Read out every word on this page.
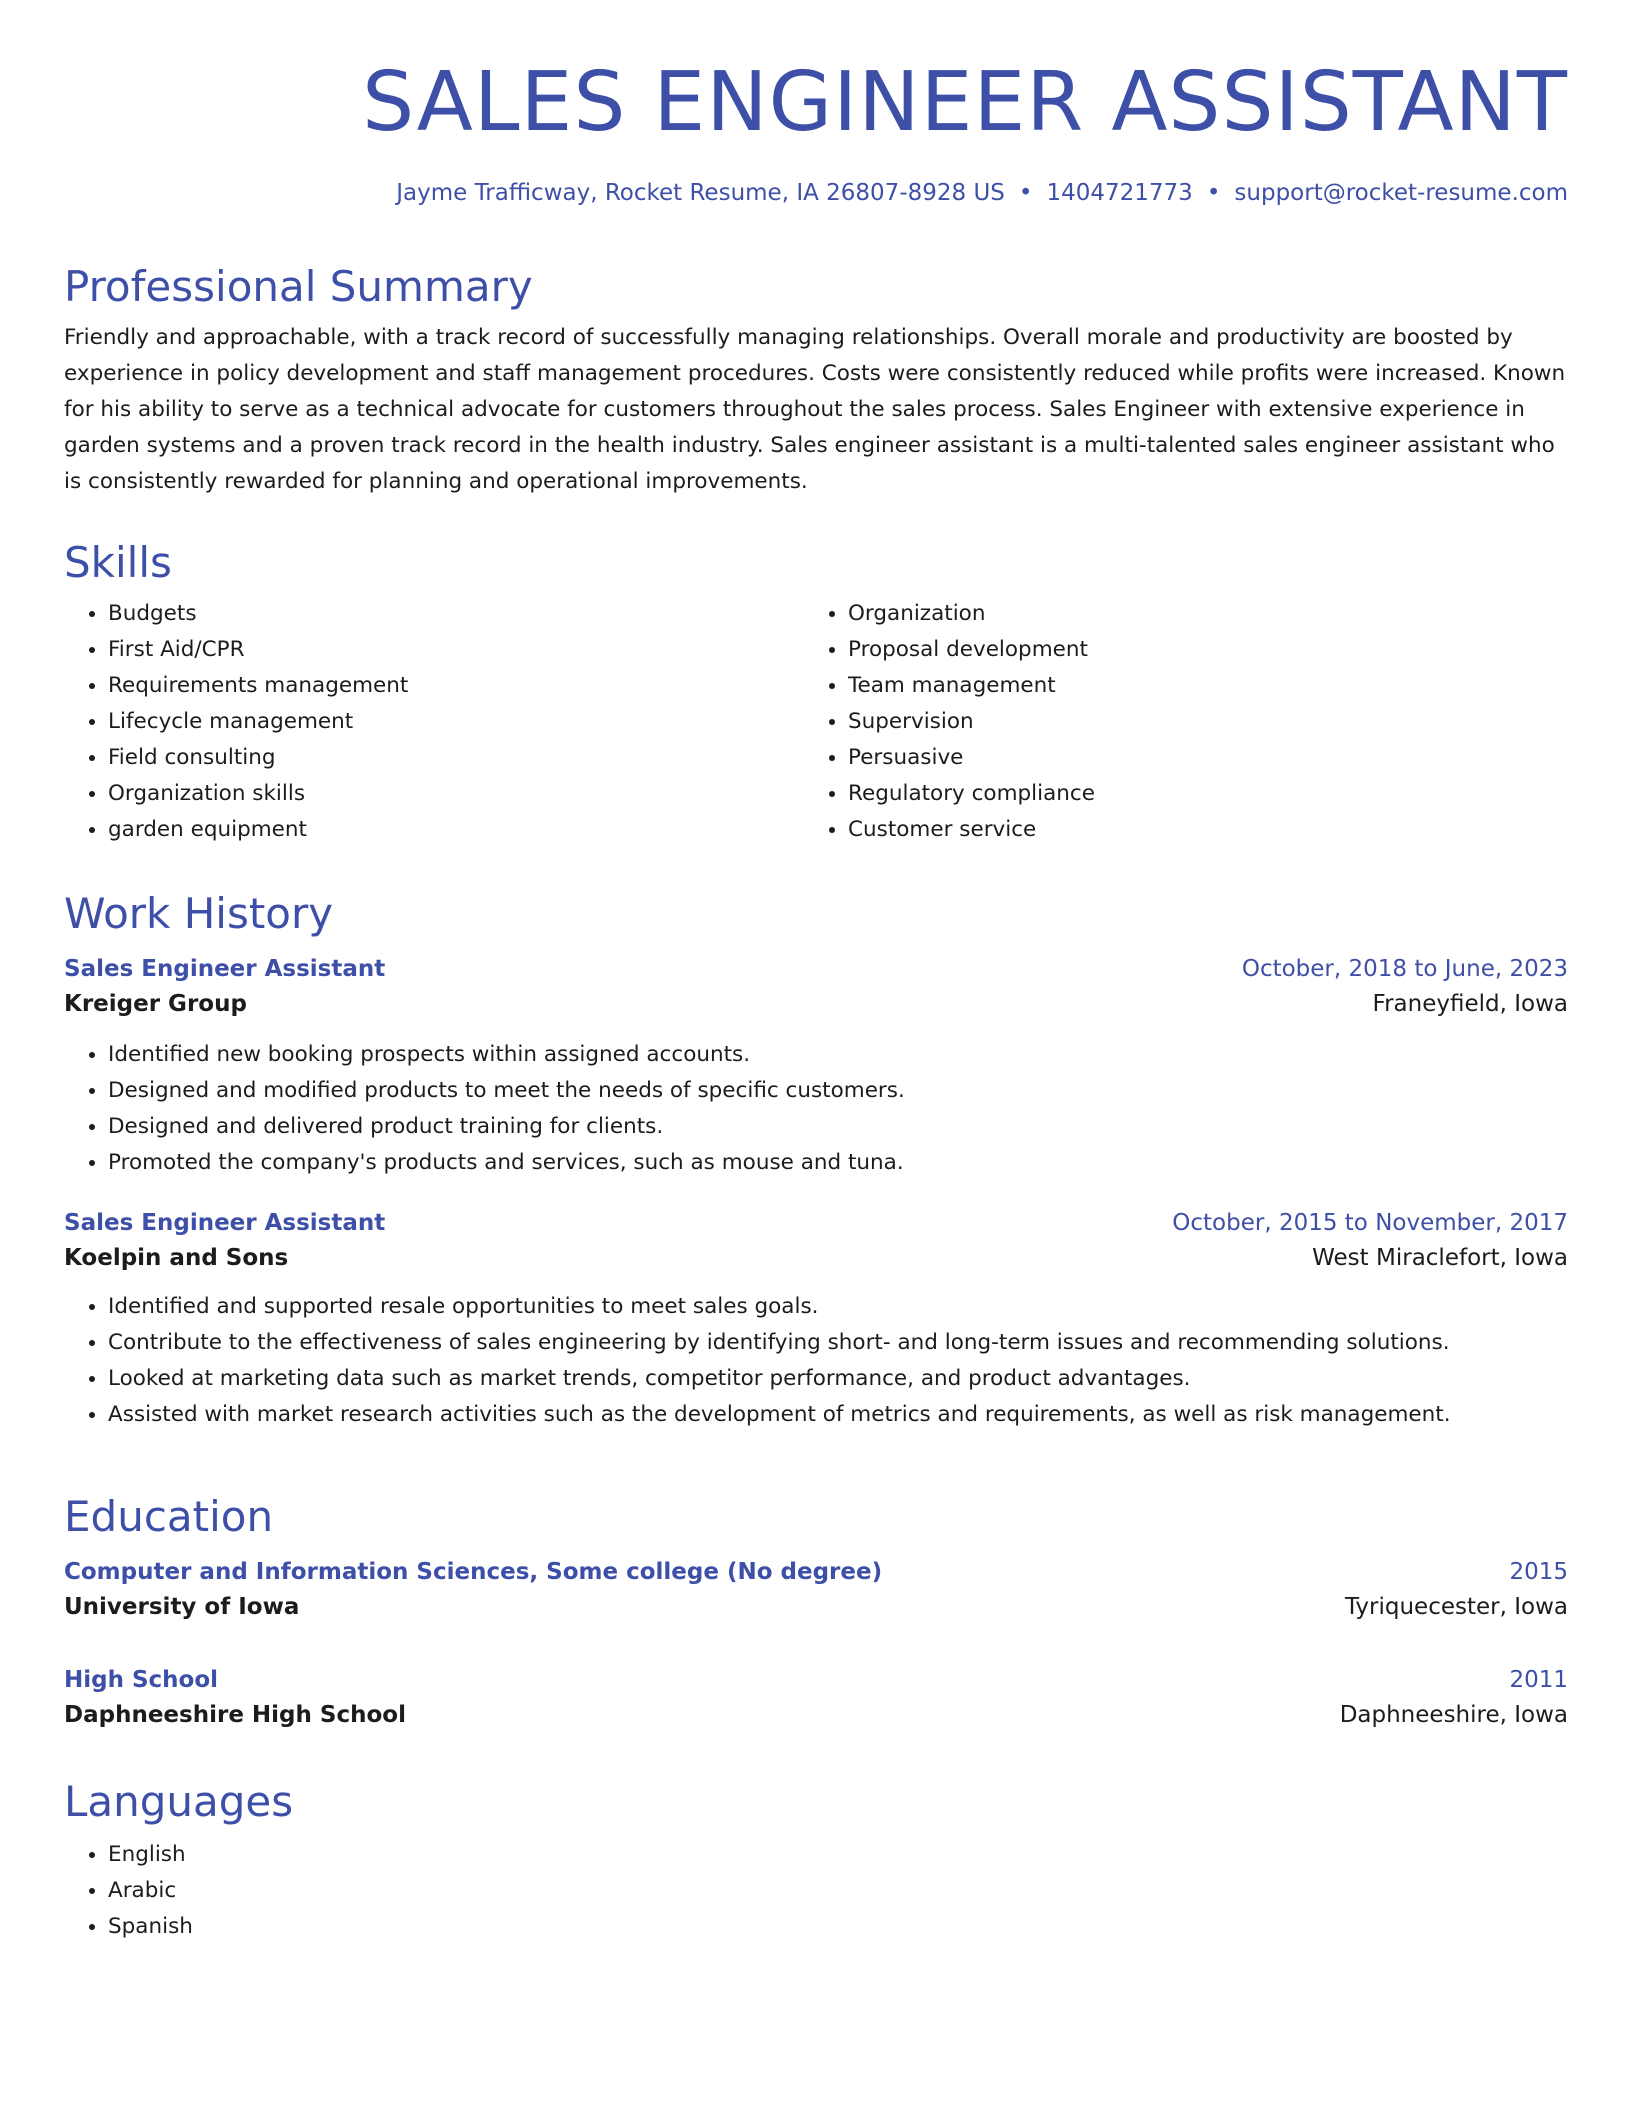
SALES ENGINEER ASSISTANT
Jayme Trafficway, Rocket Resume, IA 26807-8928 US • 1404721773 • support@rocket-resume.com
Professional Summary

Friendly and approachable, with a track record of successfully managing relationships. Overall morale and productivity are boosted by experience in policy development and staff management procedures. Costs were consistently reduced while profits were increased. Known for his ability to serve as a technical advocate for customers throughout the sales process. Sales Engineer with extensive experience in garden systems and a proven track record in the health industry. Sales engineer assistant is a multi-talented sales engineer assistant who is consistently rewarded for planning and operational improvements.

Skills
• Budgets
• First Aid/CPR
• Requirements management
• Lifecycle management
• Field consulting
• Organization skills
• garden equipment
• Organization
• Proposal development
• Team management
• Supervision
• Persuasive
• Regulatory compliance
• Customer service
Work History
Sales Engineer Assistant	October, 2018 to June, 2023
Kreiger Group	Franeyfield, Iowa
• Identified new booking prospects within assigned accounts.
• Designed and modified products to meet the needs of specific customers.
• Designed and delivered product training for clients.
• Promoted the company's products and services, such as mouse and tuna.
Sales Engineer Assistant	October, 2015 to November, 2017
Koelpin and Sons	West Miraclefort, Iowa
• Identified and supported resale opportunities to meet sales goals.
• Contribute to the effectiveness of sales engineering by identifying short- and long-term issues and recommending solutions.
• Looked at marketing data such as market trends, competitor performance, and product advantages.
• Assisted with market research activities such as the development of metrics and requirements, as well as risk management.
Education
Computer and Information Sciences, Some college (No degree)	2015
University of Iowa	Tyriquecester, Iowa
High School	2011
Daphneeshire High School	Daphneeshire, Iowa
Languages
• English
• Arabic
• Spanish
